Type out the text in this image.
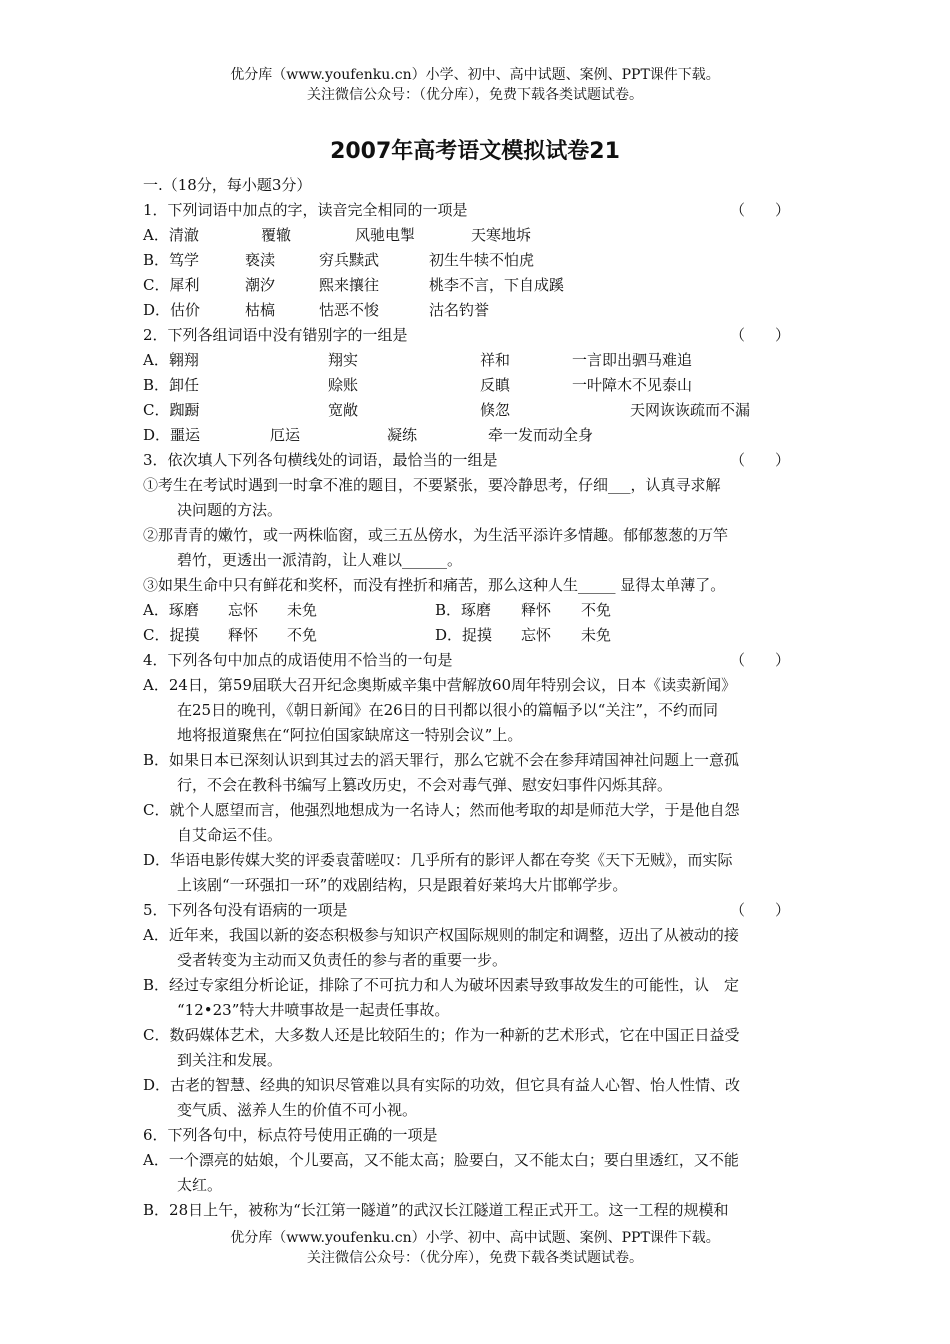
优分库（www.youfenku.cn）小学、初中、高中试题、案例、PPT课件下载。
关注微信公众号：（优分库），免费下载各类试题试卷。
2007年高考语文模拟试卷21
一.（18分，每小题3分）
1．下列词语中加点的字，读音完全相同的一项是	（　　）
A．清澈	覆辙	风驰电掣	天寒地坼
B．笃学	亵渎	穷兵黩武	初生牛犊不怕虎
C．犀利	潮汐	熙来攘往	桃李不言，下自成蹊
D．估价	枯槁	怙恶不悛	沽名钓誉
2．下列各组词语中没有错别字的一组是	（　　）
A．翱翔	翔实	祥和	一言即出驷马难追
B．卸任	赊账	反瞋	一叶障木不见泰山
C．踟蹰	宽敞	倏忽	天网诙诙疏而不漏
D．噩运	厄运	凝练	牵一发而动全身
3．依次填人下列各句横线处的词语，最恰当的一组是	（　　）
①考生在考试时遇到一时拿不准的题目，不要紧张，要冷静思考，仔细___，认真寻求解
决问题的方法。
②那青青的嫩竹，或一两株临窗，或三五丛傍水，为生活平添许多情趣。郁郁葱葱的万竿
碧竹，更透出一派清韵，让人难以______。
③如果生命中只有鲜花和奖杯，而没有挫折和痛苦，那么这种人生_____ 显得太单薄了。
A．琢磨 忘怀 未免	B．琢磨 释怀 不免
C．捉摸 释怀 不免	D．捉摸 忘怀 未免
4．下列各句中加点的成语使用不恰当的一句是	（　　）
A．24日，第59届联大召开纪念奥斯威辛集中营解放60周年特别会议，日本《读卖新闻》
在25日的晚刊，《朝日新闻》在26日的日刊都以很小的篇幅予以“关注”，不约而同
地将报道聚焦在“阿拉伯国家缺席这一特别会议”上。
B．如果日本已深刻认识到其过去的滔天罪行，那么它就不会在参拜靖国神社问题上一意孤
行，不会在教科书编写上篡改历史，不会对毒气弹、慰安妇事件闪烁其辞。
C．就个人愿望而言，他强烈地想成为一名诗人；然而他考取的却是师范大学，于是他自怨
自艾命运不佳。
D．华语电影传媒大奖的评委袁蕾嗟叹：几乎所有的影评人都在夸奖《天下无贼》，而实际
上该剧“一环强扣一环”的戏剧结构，只是跟着好莱坞大片邯郸学步。
5．下列各句没有语病的一项是	（　　）
A．近年来，我国以新的姿态积极参与知识产权国际规则的制定和调整，迈出了从被动的接
受者转变为主动而又负责任的参与者的重要一步。
B．经过专家组分析论证，排除了不可抗力和人为破坏因素导致事故发生的可能性，认　定
“12•23”特大井喷事故是一起责任事故。
C．数码媒体艺术，大多数人还是比较陌生的；作为一种新的艺术形式，它在中国正日益受
到关注和发展。
D．古老的智慧、经典的知识尽管难以具有实际的功效，但它具有益人心智、怡人性情、改
变气质、滋养人生的价值不可小视。
6．下列各句中，标点符号使用正确的一项是
A．一个漂亮的姑娘，个儿要高，又不能太高；脸要白，又不能太白；要白里透红，又不能
太红。
B．28日上午，被称为“长江第一隧道”的武汉长江隧道工程正式开工。这一工程的规模和
优分库（www.youfenku.cn）小学、初中、高中试题、案例、PPT课件下载。
关注微信公众号：（优分库），免费下载各类试题试卷。
